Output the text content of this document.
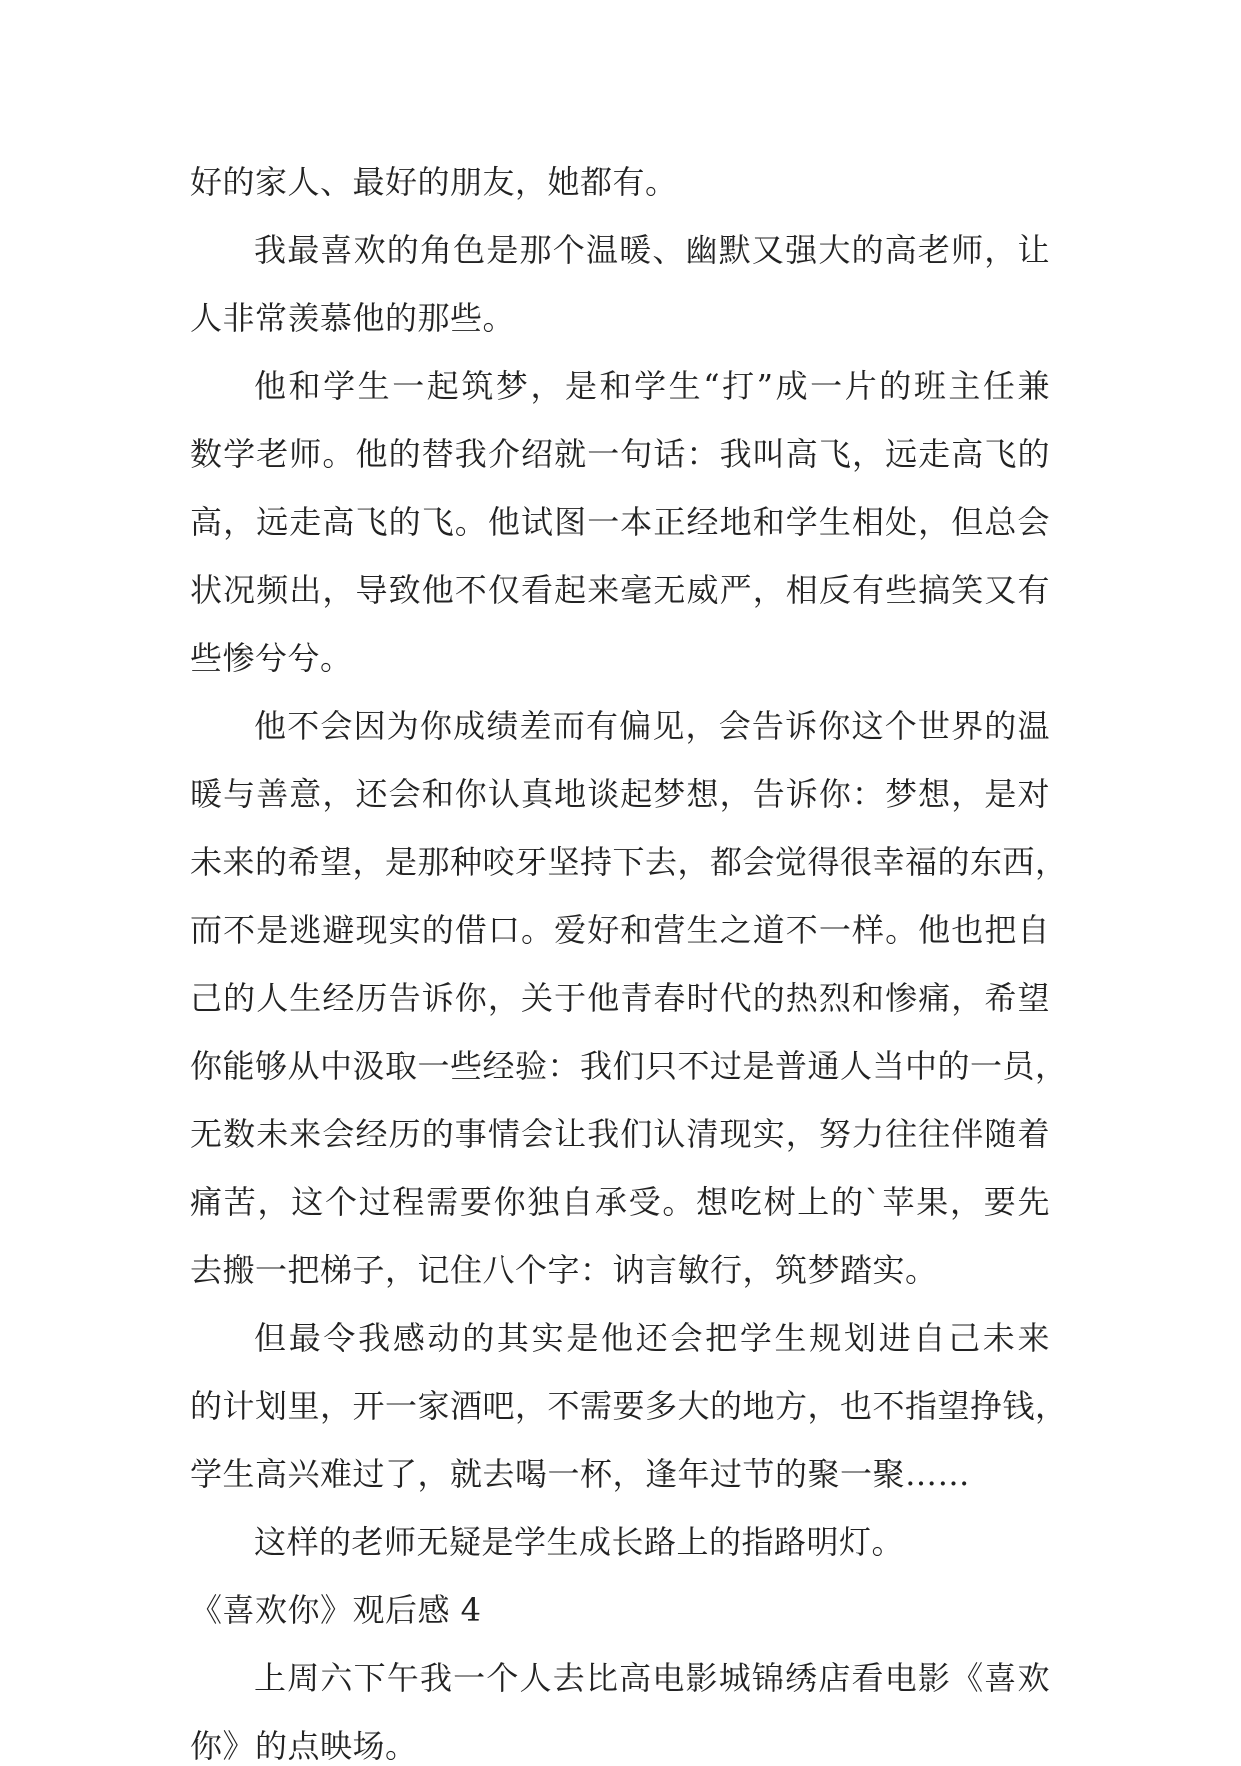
好的家人、最好的朋友，她都有。

我最喜欢的角色是那个温暖、幽默又强大的高老师，让

人非常羡慕他的那些。

他和学生一起筑梦，是和学生“打”成一片的班主任兼

数学老师。他的替我介绍就一句话：我叫高飞，远走高飞的

高，远走高飞的飞。他试图一本正经地和学生相处，但总会

状况频出，导致他不仅看起来毫无威严，相反有些搞笑又有

些惨兮兮。

他不会因为你成绩差而有偏见，会告诉你这个世界的温

暖与善意，还会和你认真地谈起梦想，告诉你：梦想，是对

未来的希望，是那种咬牙坚持下去，都会觉得很幸福的东西，

而不是逃避现实的借口。爱好和营生之道不一样。他也把自

己的人生经历告诉你，关于他青春时代的热烈和惨痛，希望

你能够从中汲取一些经验：我们只不过是普通人当中的一员，

无数未来会经历的事情会让我们认清现实，努力往往伴随着

痛苦，这个过程需要你独自承受。想吃树上的`苹果，要先

去搬一把梯子，记住八个字：讷言敏行，筑梦踏实。

但最令我感动的其实是他还会把学生规划进自己未来

的计划里，开一家酒吧，不需要多大的地方，也不指望挣钱，

学生高兴难过了，就去喝一杯，逢年过节的聚一聚……

这样的老师无疑是学生成长路上的指路明灯。

《喜欢你》观后感 4

上周六下午我一个人去比高电影城锦绣店看电影《喜欢

你》的点映场。
